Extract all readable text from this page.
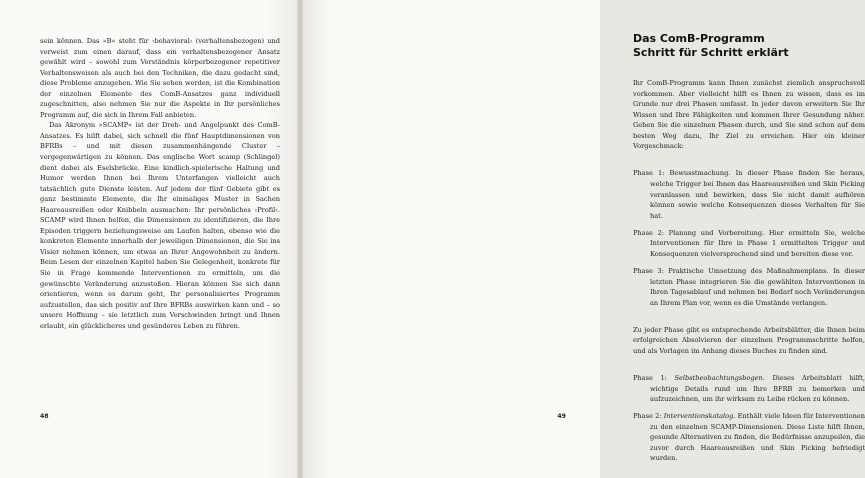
sein können. Das »B« steht für ›behavioral‹ (verhaltensbezogen) und verweist zum einen darauf, dass ein verhaltensbezogener Ansatz gewählt wird – sowohl zum Verständnis körperbezogener repetitiver Verhaltensweisen als auch bei den Techniken, die dazu gedacht sind, diese Probleme anzugehen. Wie Sie sehen werden, ist die Kombination der einzelnen Elemente des ComB-Ansatzes ganz individuell zugeschnitten, also nehmen Sie nur die Aspekte in Ihr persönliches Programm auf, die sich in Ihrem Fall anbieten.

Das Akronym »SCAMP« ist der Dreh- und Angelpunkt des ComB-Ansatzes. Es hilft dabei, sich schnell die fünf Hauptdimensionen von BFRBs – und mit diesen zusammenhängende Cluster – vergegenwärtigen zu können. Das englische Wort scamp (Schlingel) dient dabei als Eselsbrücke. Eine kindlich-spielerische Haltung und Humor werden Ihnen bei Ihrem Unterfangen vielleicht auch tatsächlich gute Dienste leisten. Auf jedem der fünf Gebiete gibt es ganz bestimmte Elemente, die Ihr einmaliges Muster in Sachen Haareausreißen oder Knibbeln ausmachen: Ihr persönliches ›Profil‹. SCAMP wird Ihnen helfen, die Dimensionen zu identifizieren, die Ihre Episoden triggern beziehungsweise am Laufen halten, ebenso wie die konkreten Elemente innerhalb der jeweiligen Dimensionen, die Sie ins Visier nehmen können, um etwas an Ihrer Angewohnheit zu ändern. Beim Lesen der einzelnen Kapitel haben Sie Gelegenheit, konkrete für Sie in Frage kommende Interventionen zu ermitteln, um die gewünschte Veränderung anzustoßen. Hieran können Sie sich dann orientieren, wenn es darum geht, Ihr personalisiertes Programm aufzustellen, das sich positiv auf Ihre BFRBs auswirken kann und – so unsere Hoffnung – sie letztlich zum Verschwinden bringt und Ihnen erlaubt, ein glücklicheres und gesünderes Leben zu führen.

48
Das ComB-Programm
Schritt für Schritt erklärt

Ihr ComB-Programm kann Ihnen zunächst ziemlich anspruchsvoll vorkommen. Aber vielleicht hilft es Ihnen zu wissen, dass es im Grunde nur drei Phasen umfasst. In jeder davon erweitern Sie Ihr Wissen und Ihre Fähigkeiten und kommen Ihrer Gesundung näher. Gehen Sie die einzelnen Phasen durch, und Sie sind schon auf dem besten Weg dazu, Ihr Ziel zu erreichen. Hier ein kleiner Vorgeschmack:

Phase 1: Bewusstmachung. In dieser Phase finden Sie heraus, welche Trigger bei Ihnen das Haareausreißen und Skin Picking veranlassen und bewirken, dass Sie nicht damit aufhören können sowie welche Konsequenzen dieses Verhalten für Sie hat.

Phase 2: Planung und Vorbereitung. Hier ermitteln Sie, welche Interventionen für Ihre in Phase 1 ermittelten Trigger und Konsequenzen vielversprechend sind und bereiten diese vor.

Phase 3: Praktische Umsetzung des Maßnahmenplans. In dieser letzten Phase integrieren Sie die gewählten Interventionen in Ihren Tagesablauf und nehmen bei Bedarf noch Veränderungen an Ihrem Plan vor, wenn es die Umstände verlangen.

Zu jeder Phase gibt es entsprechende Arbeitsblätter, die Ihnen beim erfolgreichen Absolvieren der einzelnen Programmschritte helfen, und als Vorlagen im Anhang dieses Buches zu finden sind.

Phase 1: Selbstbeobachtungsbogen. Dieses Arbeitsblatt hilft, wichtige Details rund um Ihre BFRB zu bemerken und aufzuzeichnen, um ihr wirksam zu Leibe rücken zu können.

Phase 2: Interventionskatalog. Enthält viele Ideen für Interventionen zu den einzelnen SCAMP-Dimensionen. Diese Liste hilft Ihnen, gesunde Alternativen zu finden, die Bedürfnisse anzupeilen, die zuvor durch Haareausreißen und Skin Picking befriedigt wurden.

49
